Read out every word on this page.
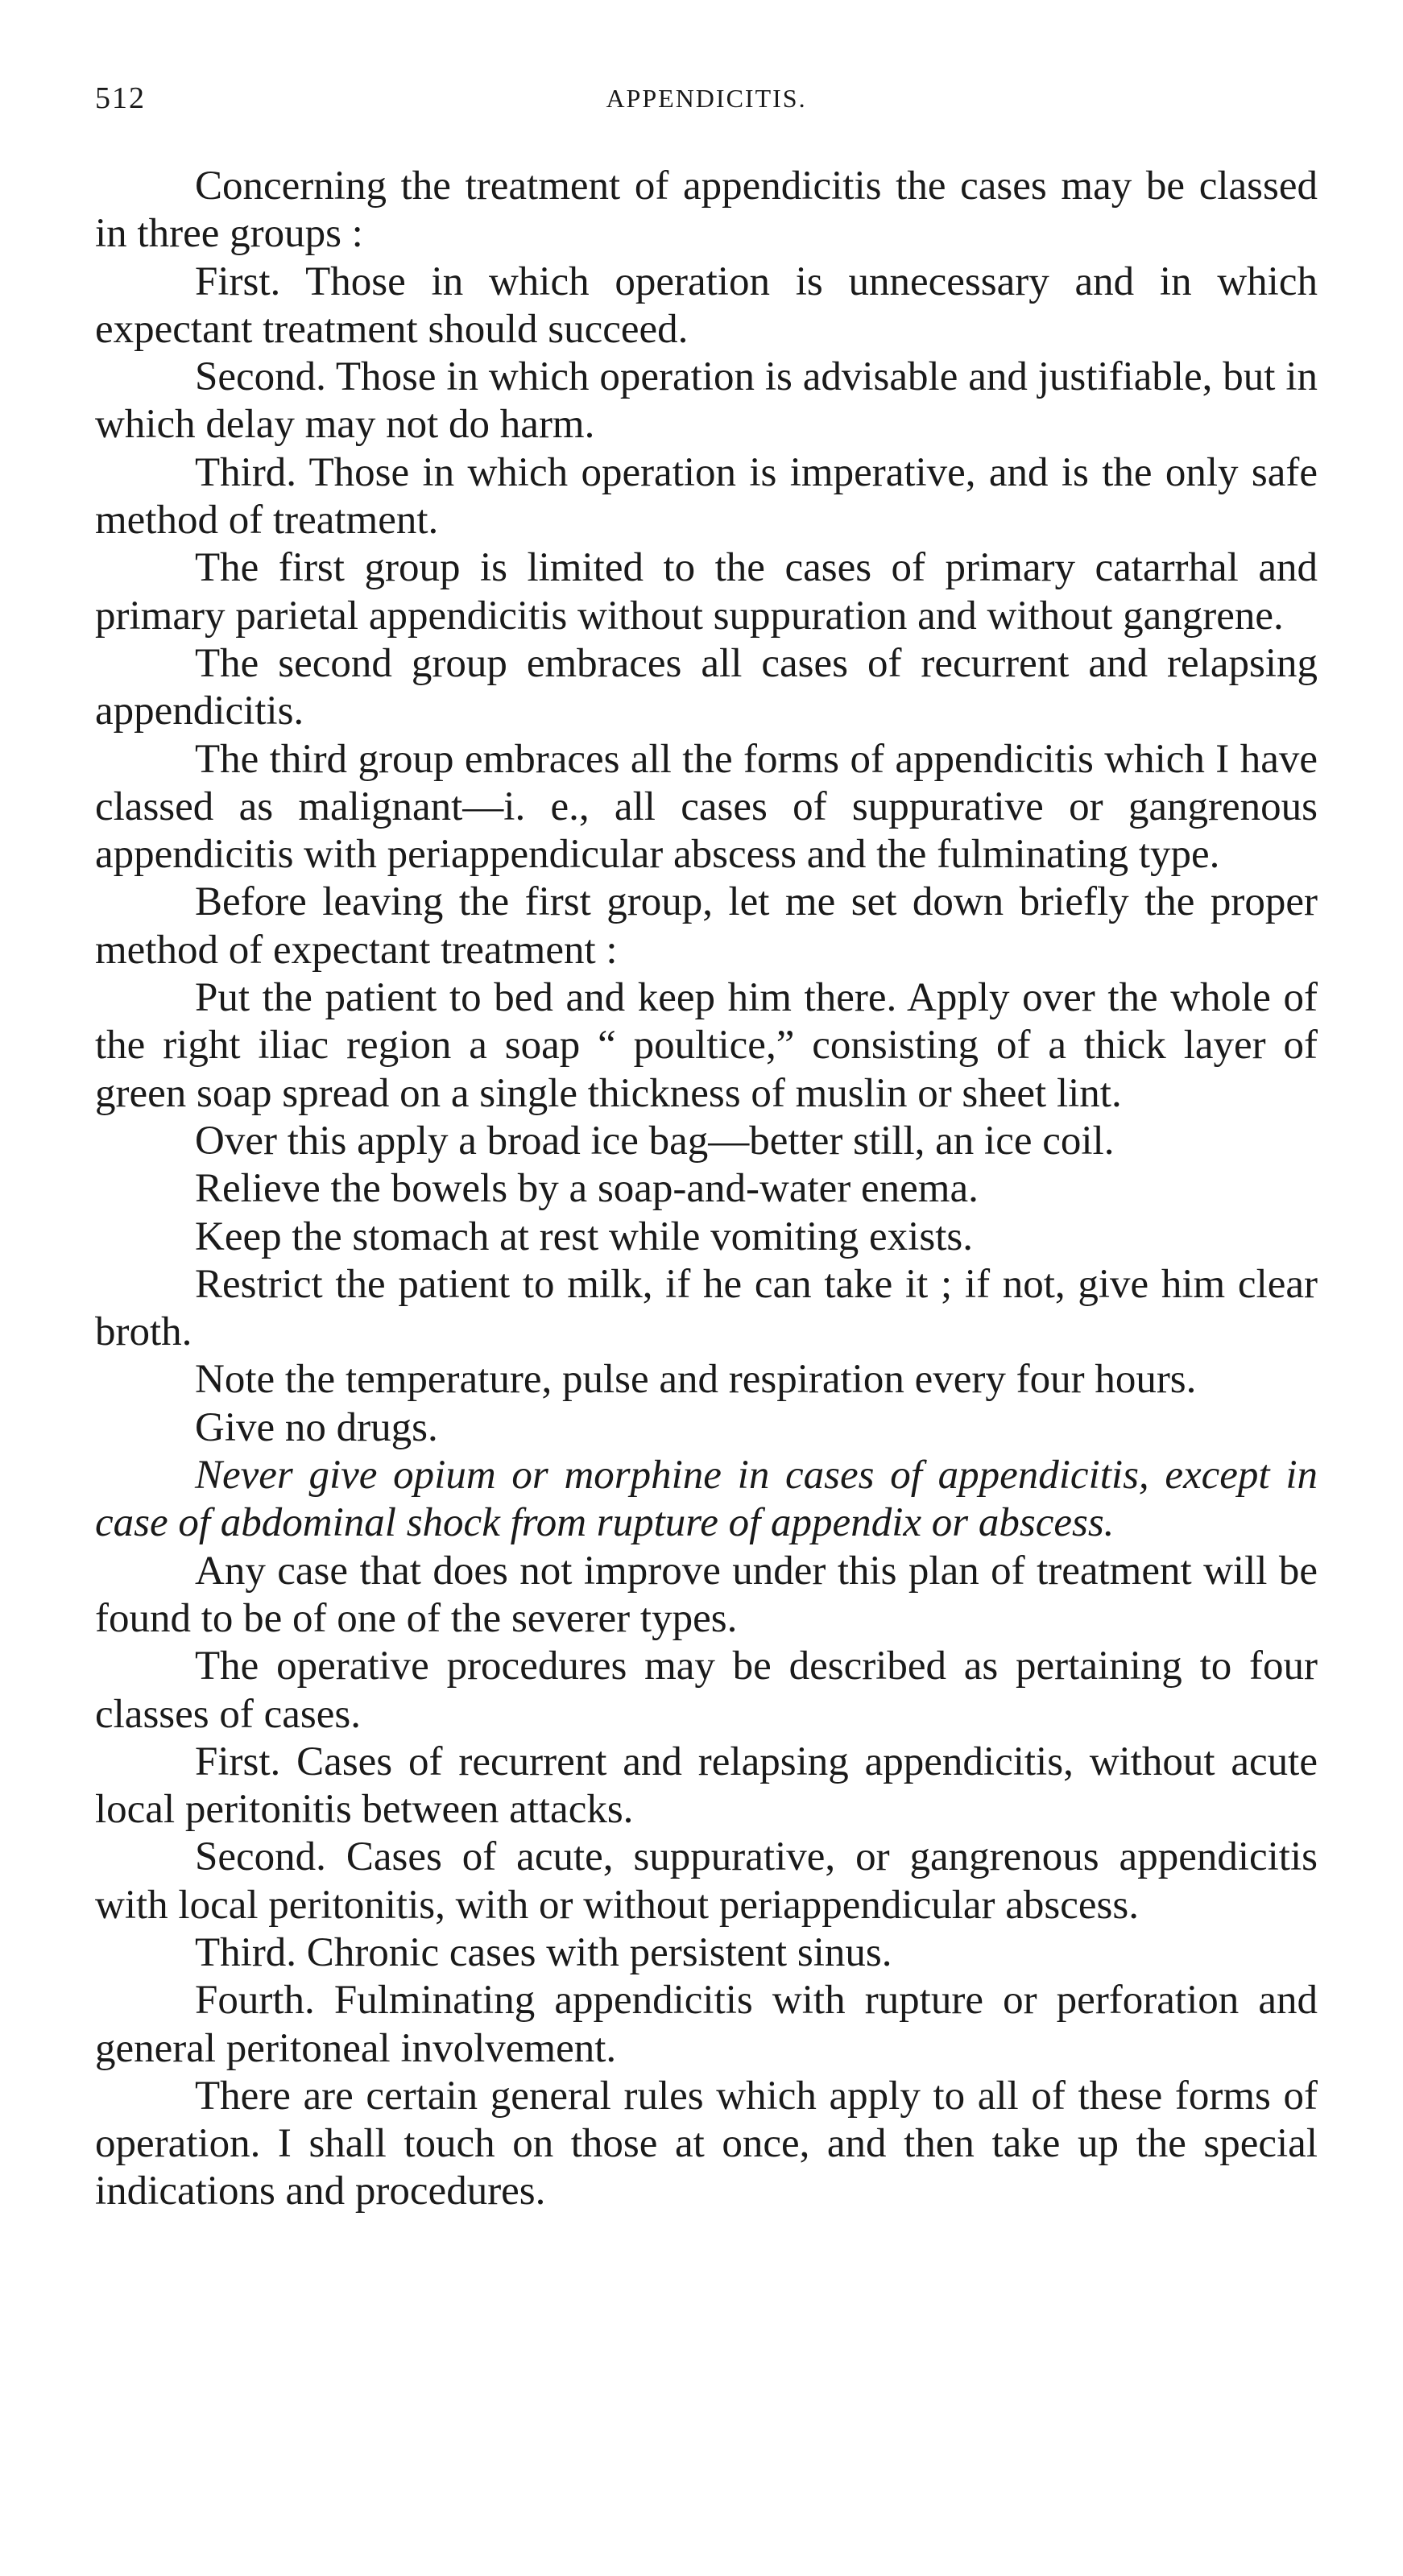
512	APPENDICITIS.

Concerning the treatment of appendicitis the cases may be classed in three groups :

First. Those in which operation is unnecessary and in which expectant treatment should succeed.

Second. Those in which operation is advisable and justifiable, but in which delay may not do harm.

Third. Those in which operation is imperative, and is the only safe method of treatment.

The first group is limited to the cases of primary catarrhal and primary parietal appendicitis without suppuration and without gangrene.

The second group embraces all cases of recurrent and relapsing appendicitis.

The third group embraces all the forms of appendicitis which I have classed as malignant—i. e., all cases of suppurative or gangrenous appendicitis with periappendicular abscess and the fulminating type.

Before leaving the first group, let me set down briefly the proper method of expectant treatment :

Put the patient to bed and keep him there. Apply over the whole of the right iliac region a soap “ poultice,” consisting of a thick layer of green soap spread on a single thickness of muslin or sheet lint.

Over this apply a broad ice bag—better still, an ice coil.

Relieve the bowels by a soap-and-water enema.

Keep the stomach at rest while vomiting exists.

Restrict the patient to milk, if he can take it ; if not, give him clear broth.

Note the temperature, pulse and respiration every four hours.

Give no drugs.

Never give opium or morphine in cases of appendicitis, except in case of abdominal shock from rupture of appendix or abscess.

Any case that does not improve under this plan of treatment will be found to be of one of the severer types.

The operative procedures may be described as pertaining to four classes of cases.

First. Cases of recurrent and relapsing appendicitis, without acute local peritonitis between attacks.

Second. Cases of acute, suppurative, or gangrenous appendicitis with local peritonitis, with or without periappendicular abscess.

Third. Chronic cases with persistent sinus.

Fourth. Fulminating appendicitis with rupture or perforation and general peritoneal involvement.

There are certain general rules which apply to all of these forms of operation. I shall touch on those at once, and then take up the special indications and procedures.
